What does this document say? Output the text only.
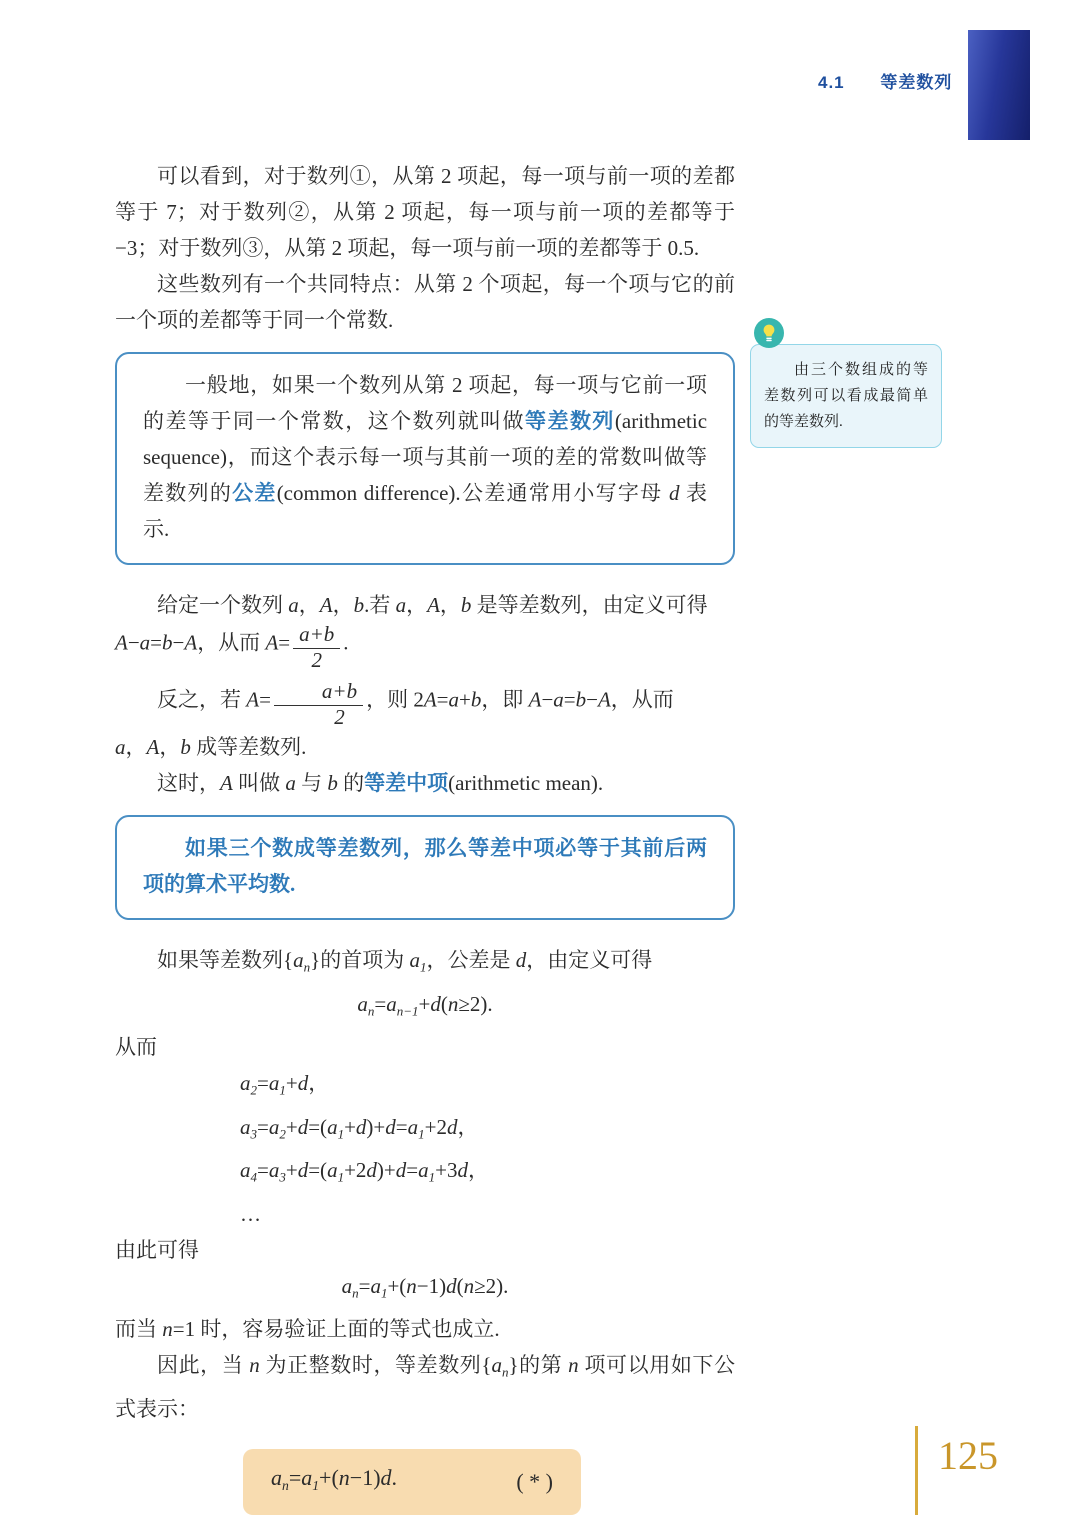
4.1 等差数列
由三个数组成的等差数列可以看成最简单的等差数列.

可以看到，对于数列①，从第 2 项起，每一项与前一项的差都等于 7；对于数列②，从第 2 项起，每一项与前一项的差都等于 −3；对于数列③，从第 2 项起，每一项与前一项的差都等于 0.5.

这些数列有一个共同特点：从第 2 个项起，每一个项与它的前一个项的差都等于同一个常数.

一般地，如果一个数列从第 2 项起，每一项与它前一项的差等于同一个常数，这个数列就叫做等差数列(arithmetic sequence)，而这个表示每一项与其前一项的差的常数叫做等差数列的公差(common difference).公差通常用小写字母 d 表示.

给定一个数列 a，A，b.若 a，A，b 是等差数列，由定义可得

A−a=b−A，从而 $A= \frac{a+b}{2}$ .

反之，若 $A= \frac{a+b}{2}$ ，则 2A=a+b，即 A−a=b−A，从而

a，A，b 成等差数列.

这时，A 叫做 a 与 b 的等差中项(arithmetic mean).

如果三个数成等差数列，那么等差中项必等于其前后两项的算术平均数.

如果等差数列$\{a_n\}$的首项为 $a_1$，公差是 d，由定义可得

$a_n=a_{n-1}+d(n\ge 2)$.

从而

$a_2=a_1+d$，

$a_3=a_2+d=(a_1+d)+d=a_1+2d$，

$a_4=a_3+d=(a_1+2d)+d=a_1+3d$，

…

由此可得

$a_n=a_1+(n-1)d(n\ge 2)$.

而当 n=1 时，容易验证上面的等式也成立.

因此，当 n 为正整数时，等差数列$\{a_n\}$的第 n 项可以用如下公式表示：

$a_n=a_1+(n-1)d$.	( * )
125
